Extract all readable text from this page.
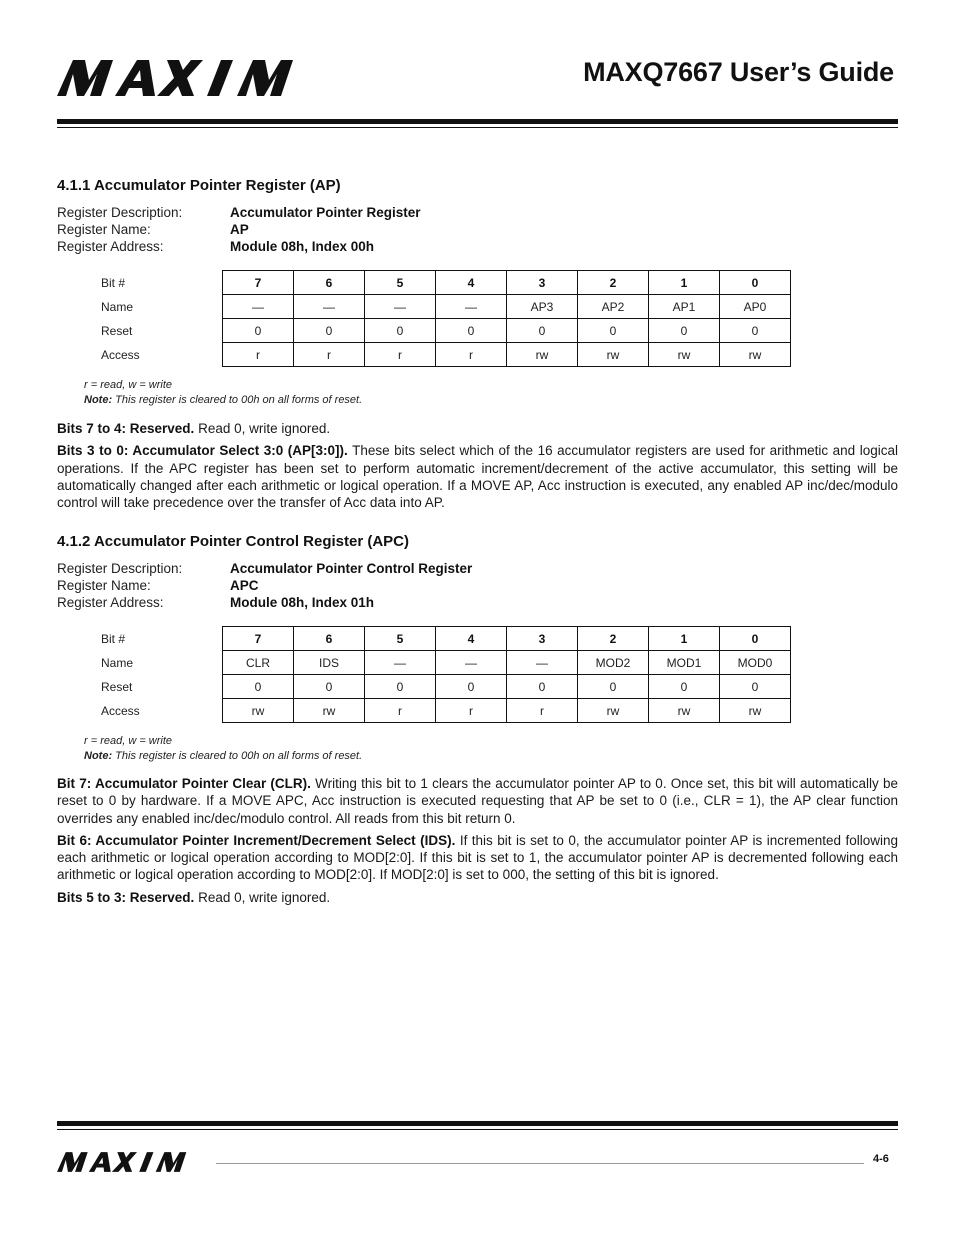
MAXQ7667 User’s Guide
4.1.1 Accumulator Pointer Register (AP)
Register Description:	Accumulator Pointer Register
Register Name:	AP
Register Address:	Module 08h, Index 00h
Bit #	7	6	5	4	3	2	1	0
Name	—	—	—	—	AP3	AP2	AP1	AP0
Reset	0	0	0	0	0	0	0	0
Access	r	r	r	r	rw	rw	rw	rw
r = read, w = write
Note: This register is cleared to 00h on all forms of reset.

Bits 7 to 4: Reserved. Read 0, write ignored.

Bits 3 to 0: Accumulator Select 3:0 (AP[3:0]). These bits select which of the 16 accumulator registers are used for arithmetic and logical operations. If the APC register has been set to perform automatic increment/decrement of the active accumulator, this setting will be automatically changed after each arithmetic or logical operation. If a MOVE AP, Acc instruction is executed, any enabled AP inc/dec/modulo control will take precedence over the transfer of Acc data into AP.

4.1.2 Accumulator Pointer Control Register (APC)
Register Description:	Accumulator Pointer Control Register
Register Name:	APC
Register Address:	Module 08h, Index 01h
Bit #	7	6	5	4	3	2	1	0
Name	CLR	IDS	—	—	—	MOD2	MOD1	MOD0
Reset	0	0	0	0	0	0	0	0
Access	rw	rw	r	r	r	rw	rw	rw
r = read, w = write
Note: This register is cleared to 00h on all forms of reset.

Bit 7: Accumulator Pointer Clear (CLR). Writing this bit to 1 clears the accumulator pointer AP to 0. Once set, this bit will automatically be reset to 0 by hardware. If a MOVE APC, Acc instruction is executed requesting that AP be set to 0 (i.e., CLR = 1), the AP clear function overrides any enabled inc/dec/modulo control. All reads from this bit return 0.

Bit 6: Accumulator Pointer Increment/Decrement Select (IDS). If this bit is set to 0, the accumulator pointer AP is incremented following each arithmetic or logical operation according to MOD[2:0]. If this bit is set to 1, the accumulator pointer AP is decremented following each arithmetic or logical operation according to MOD[2:0]. If MOD[2:0] is set to 000, the setting of this bit is ignored.

Bits 5 to 3: Reserved. Read 0, write ignored.

4-6
